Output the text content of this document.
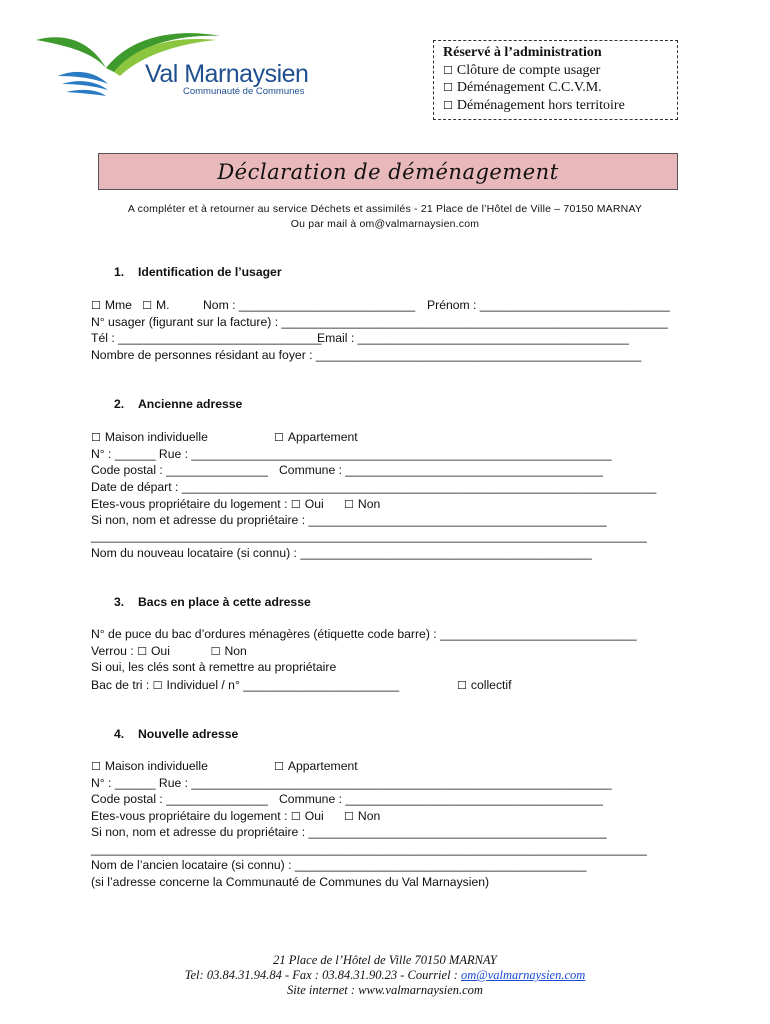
Val Marnaysien
Communauté de Communes
Réservé à l’administration
☐ Clôture de compte usager
☐ Déménagement C.C.V.M.
☐ Déménagement hors territoire
Déclaration de déménagement
A compléter et à retourner au service Déchets et assimilés - 21 Place de l’Hôtel de Ville – 70150 MARNAY
Ou par mail à om@valmarnaysien.com
1. Identification de l’usager
☐ Mme ☐ M.	Nom : __________________________ Prénom : ____________________________
N° usager (figurant sur la facture) : _________________________________________________________
Tél : ______________________________
Email : ________________________________________
Nombre de personnes résidant au foyer : ________________________________________________
2. Ancienne adresse
☐ Maison individuelle ☐	Appartement
N° : ______ Rue : ______________________________________________________________
Code postal : _______________ Commune : ______________________________________
Date de départ : ______________________________________________________________________
Etes-vous propriétaire du logement : ☐ Oui ☐	Non
Si non, nom et adresse du propriétaire : ____________________________________________
__________________________________________________________________________________
Nom du nouveau locataire (si connu) : ___________________________________________
3. Bacs en place à cette adresse
N° de puce du bac d’ordures ménagères (étiquette code barre) : _____________________________
Verrou : ☐ Oui ☐	Non
Si oui, les clés sont à remettre au propriétaire
Bac de tri : ☐ Individuel / n° _______________________ ☐	collectif
4. Nouvelle adresse
☐ Maison individuelle ☐	Appartement
N° : ______ Rue : ______________________________________________________________
Code postal : _______________ Commune : ______________________________________
Etes-vous propriétaire du logement : ☐ Oui ☐	Non
Si non, nom et adresse du propriétaire : ____________________________________________
__________________________________________________________________________________
Nom de l’ancien locataire (si connu) : ___________________________________________
(si l’adresse concerne la Communauté de Communes du Val Marnaysien)
21 Place de l’Hôtel de Ville 70150 MARNAY
Tel: 03.84.31.94.84 - Fax : 03.84.31.90.23 - Courriel : om@valmarnaysien.com
Site internet : www.valmarnaysien.com
